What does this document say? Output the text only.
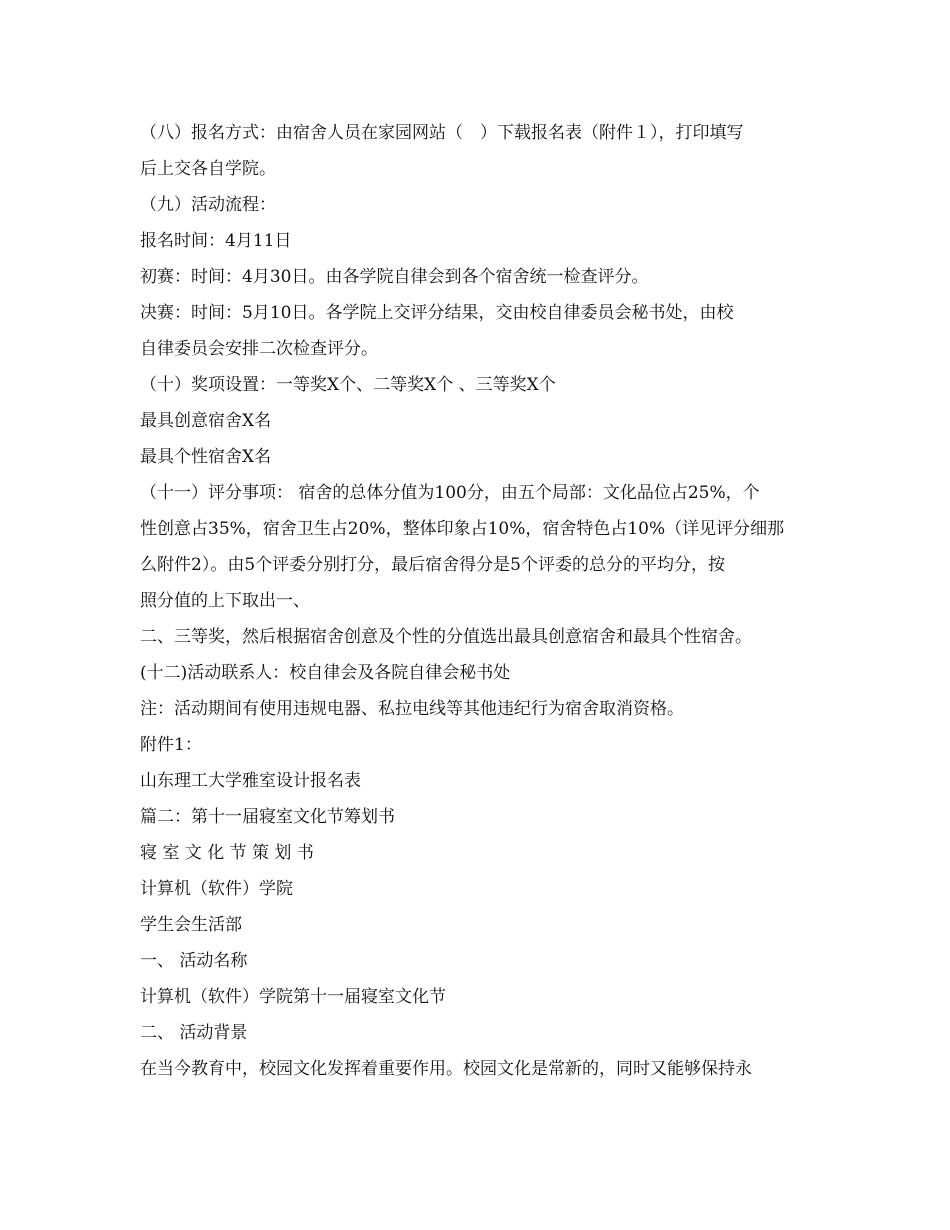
（八）报名方式：由宿舍人员在家园网站（　）下载报名表（附件１），打印填写
后上交各自学院。
（九）活动流程：
报名时间：4月11日
初赛：时间：4月30日。由各学院自律会到各个宿舍统一检查评分。
决赛：时间：5月10日。各学院上交评分结果，交由校自律委员会秘书处，由校
自律委员会安排二次检查评分。
（十）奖项设置：一等奖X个、二等奖X个 、三等奖X个
最具创意宿舍X名
最具个性宿舍X名
（十一）评分事项： 宿舍的总体分值为100分，由五个局部：文化品位占25%，个
性创意占35%，宿舍卫生占20%，整体印象占10%，宿舍特色占10%（详见评分细那
么附件2）。由5个评委分别打分，最后宿舍得分是5个评委的总分的平均分，按
照分值的上下取出一、
二、三等奖，然后根据宿舍创意及个性的分值选出最具创意宿舍和最具个性宿舍。
(十二)活动联系人：校自律会及各院自律会秘书处
注：活动期间有使用违规电器、私拉电线等其他违纪行为宿舍取消资格。
附件1：
山东理工大学雅室设计报名表
篇二：第十一届寝室文化节筹划书
寝 室 文 化 节 策 划 书
计算机（软件）学院
学生会生活部
一、 活动名称
计算机（软件）学院第十一届寝室文化节
二、 活动背景
在当今教育中，校园文化发挥着重要作用。校园文化是常新的，同时又能够保持永
